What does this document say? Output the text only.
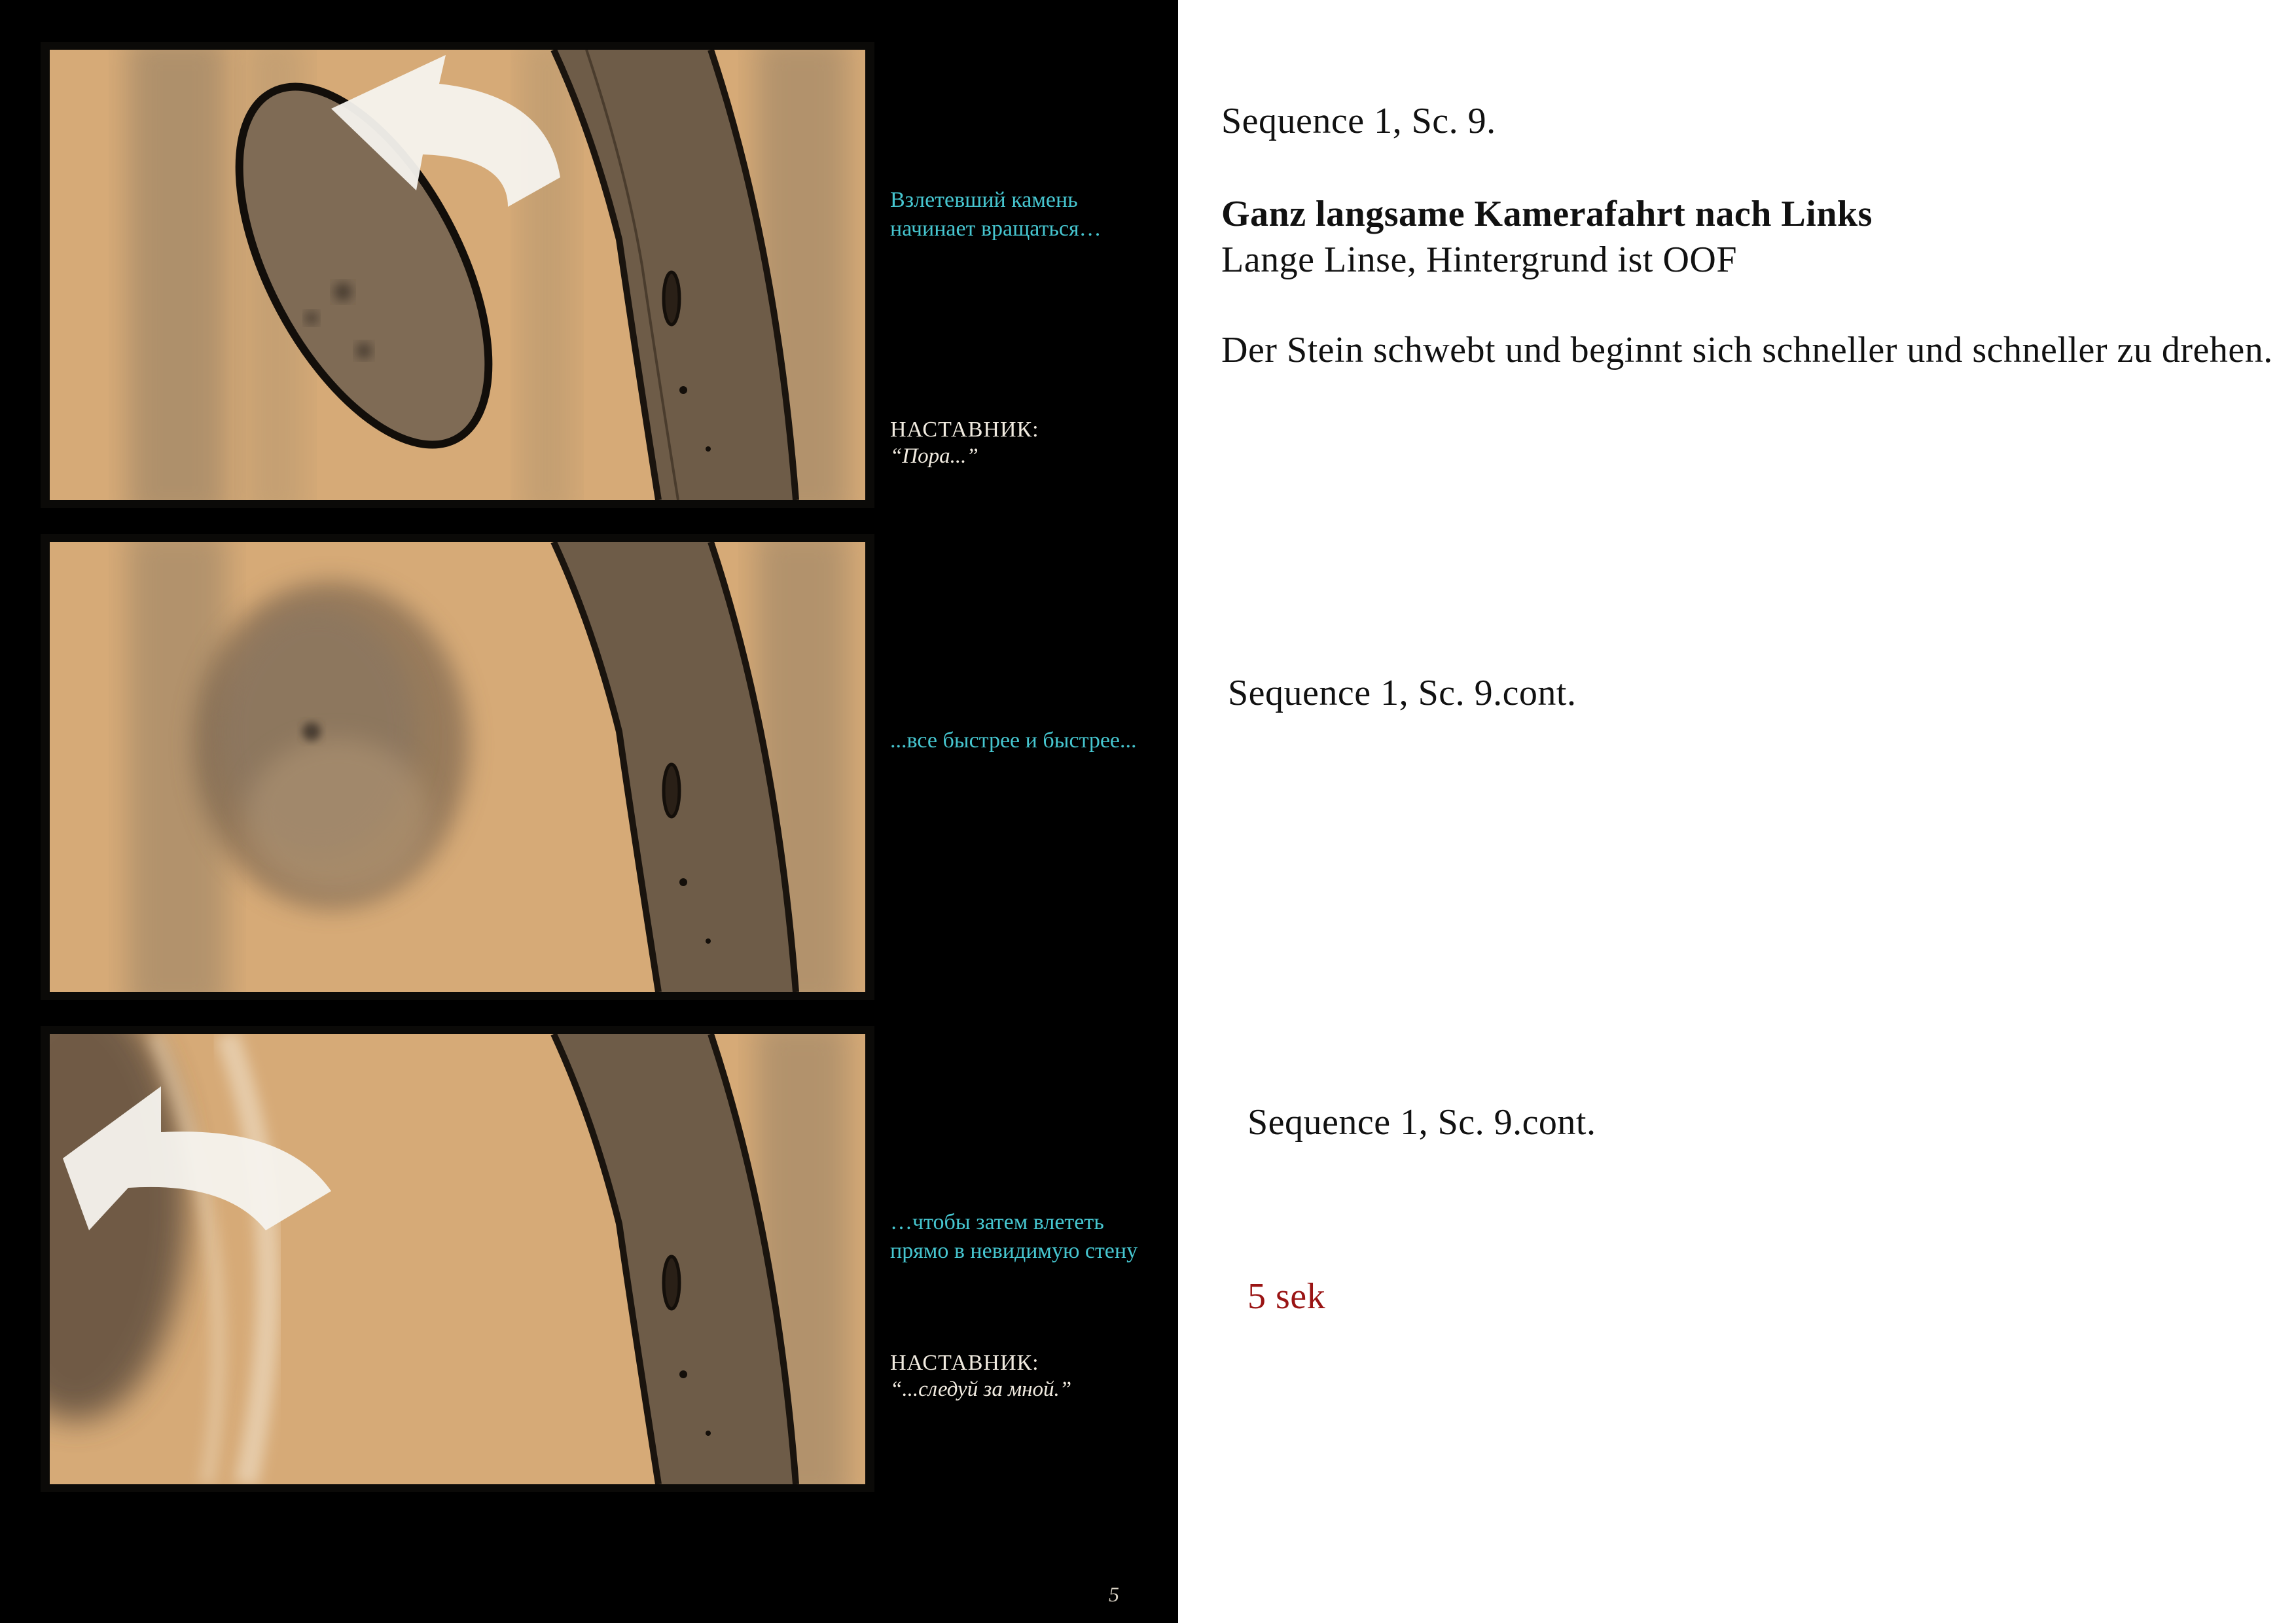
Взлетевший камень
начинает вращаться…
НАСТАВНИК:
“Пора...”
...все быстрее и быстрее...
…чтобы затем влететь
прямо в невидимую стену
НАСТАВНИК:
“...следуй за мной.”
5
Sequence 1, Sc. 9.
Ganz langsame Kamerafahrt nach Links
Lange Linse, Hintergrund ist OOF
Der Stein schwebt und beginnt sich schneller und schneller zu drehen.
Sequence 1, Sc. 9.cont.
Sequence 1, Sc. 9.cont.
5 sek
